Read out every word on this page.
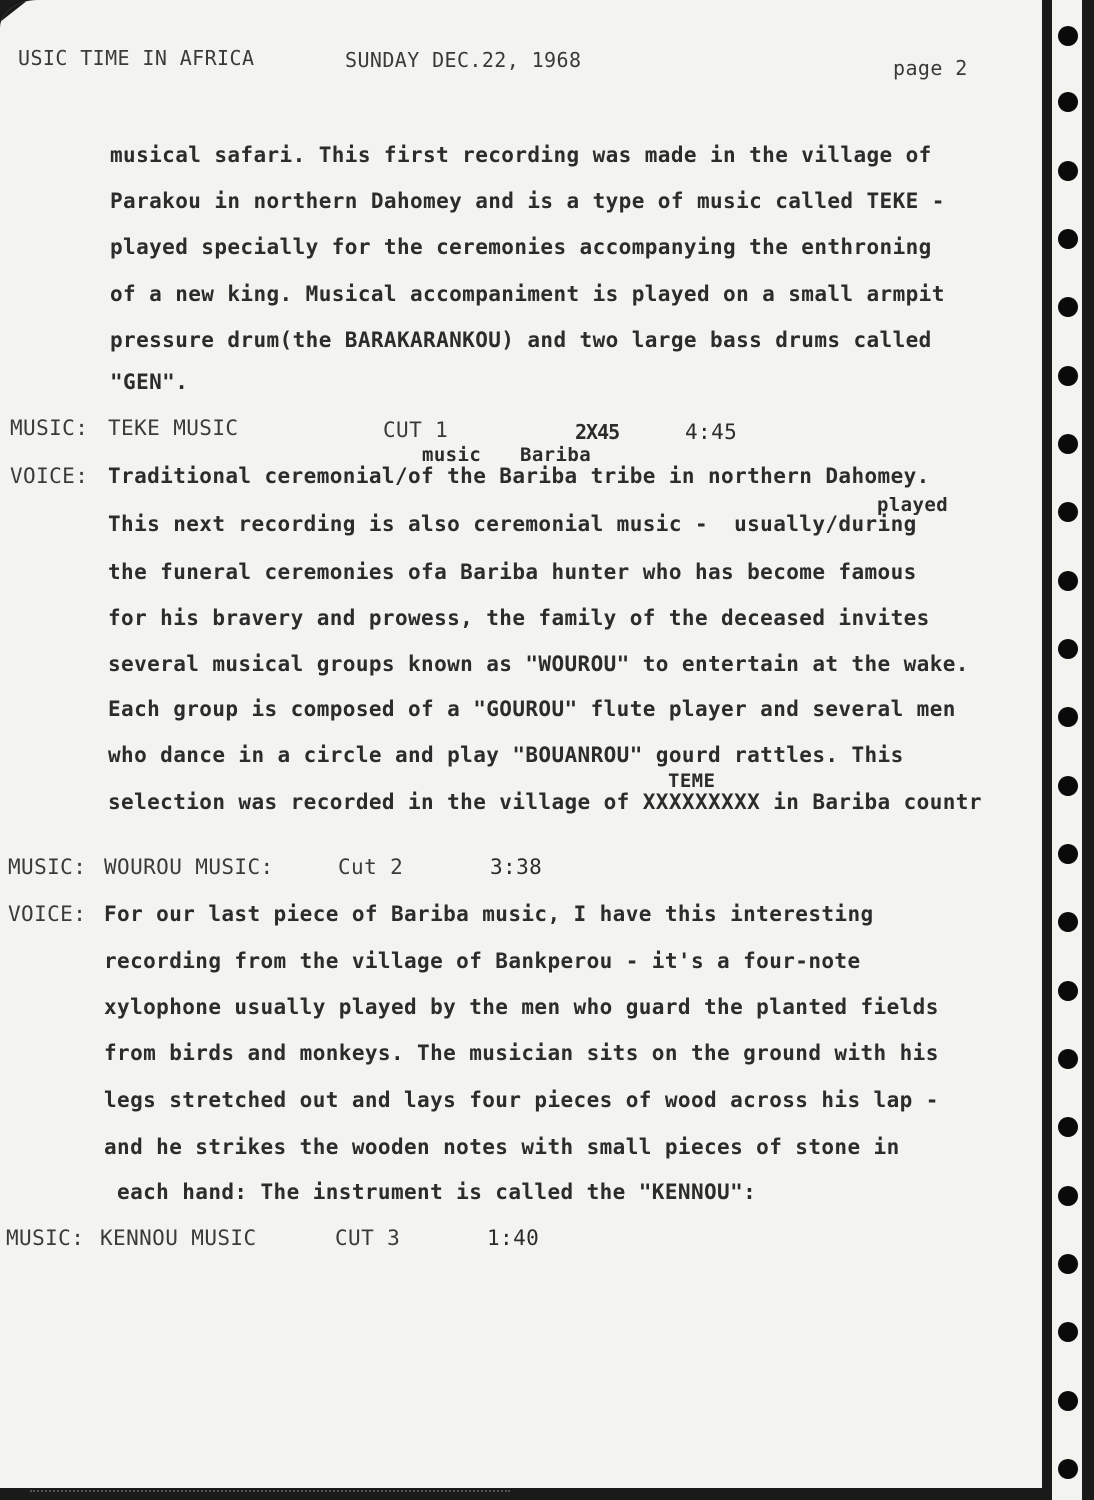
USIC TIME IN AFRICA	SUNDAY DEC.22, 1968	page 2
musical safari. This first recording was made in the village of
Parakou in northern Dahomey and is a type of music called TEKE -
played specially for the ceremonies accompanying the enthroning
of a new king. Musical accompaniment is played on a small armpit
pressure drum(the BARAKARANKOU) and two large bass drums called
"GEN".
MUSIC: TEKE MUSIC	CUT 1	2X45	4:45
music Bariba
played
VOICE: Traditional ceremonial/of the Bariba tribe in northern Dahomey.
This next recording is also ceremonial music -  usually/during
the funeral ceremonies ofa Bariba hunter who has become famous
for his bravery and prowess, the family of the deceased invites
several musical groups known as "WOUROU" to entertain at the wake.
Each group is composed of a "GOUROU" flute player and several men
who dance in a circle and play "BOUANROU" gourd rattles. This
TEME
selection was recorded in the village of XXXXXXXXX in Bariba countr
MUSIC: WOUROU MUSIC:	Cut 2	3:38
VOICE: For our last piece of Bariba music, I have this interesting
recording from the village of Bankperou - it's a four-note
xylophone usually played by the men who guard the planted fields
from birds and monkeys. The musician sits on the ground with his
legs stretched out and lays four pieces of wood across his lap -
and he strikes the wooden notes with small pieces of stone in
each hand: The instrument is called the "KENNOU":
MUSIC: KENNOU MUSIC	CUT 3	1:40
